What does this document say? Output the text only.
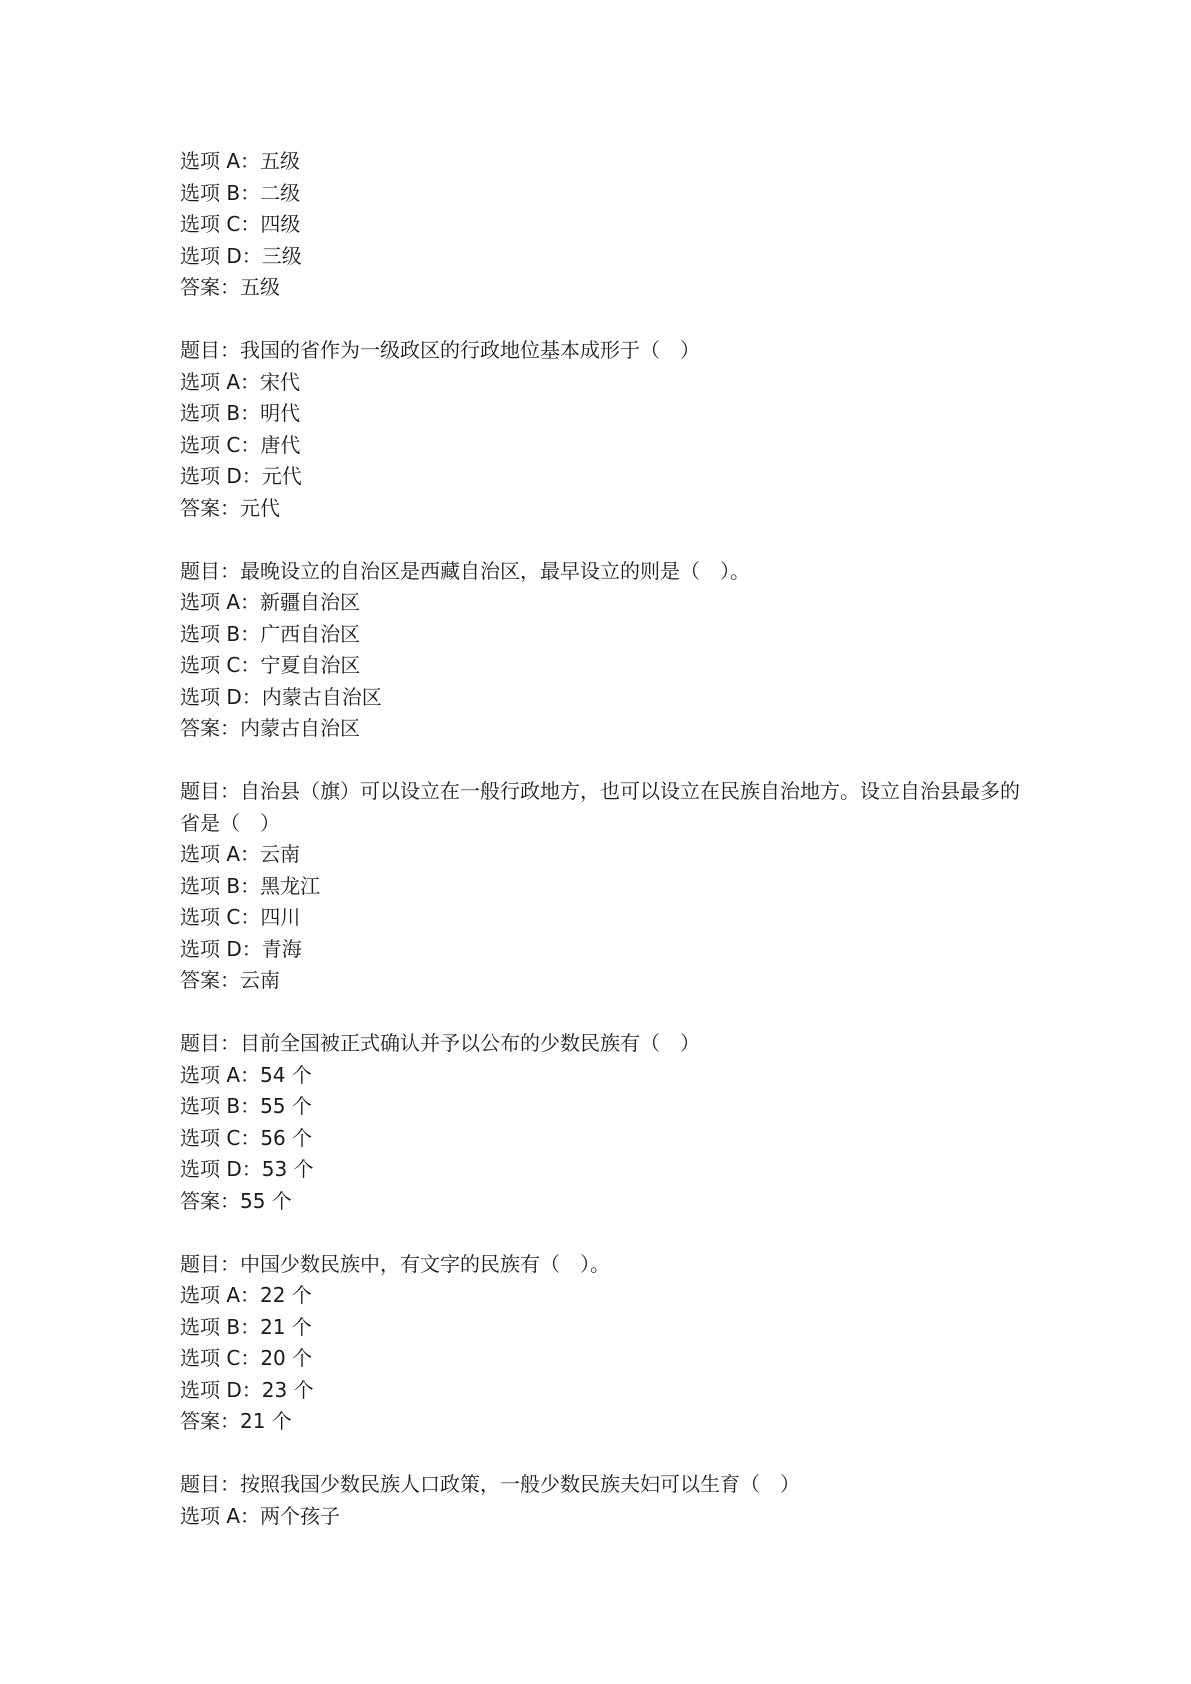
选项 A：五级

选项 B：二级

选项 C：四级

选项 D：三级

答案：五级

题目：我国的省作为一级政区的行政地位基本成形于（　）

选项 A：宋代

选项 B：明代

选项 C：唐代

选项 D：元代

答案：元代

题目：最晚设立的自治区是西藏自治区，最早设立的则是（　）。

选项 A：新疆自治区

选项 B：广西自治区

选项 C：宁夏自治区

选项 D：内蒙古自治区

答案：内蒙古自治区

题目：自治县（旗）可以设立在一般行政地方，也可以设立在民族自治地方。设立自治县最多的省是（　）

选项 A：云南

选项 B：黑龙江

选项 C：四川

选项 D：青海

答案：云南

题目：目前全国被正式确认并予以公布的少数民族有（　）

选项 A：54 个

选项 B：55 个

选项 C：56 个

选项 D：53 个

答案：55 个

题目：中国少数民族中，有文字的民族有（　）。

选项 A：22 个

选项 B：21 个

选项 C：20 个

选项 D：23 个

答案：21 个

题目：按照我国少数民族人口政策，一般少数民族夫妇可以生育（　）

选项 A：两个孩子
